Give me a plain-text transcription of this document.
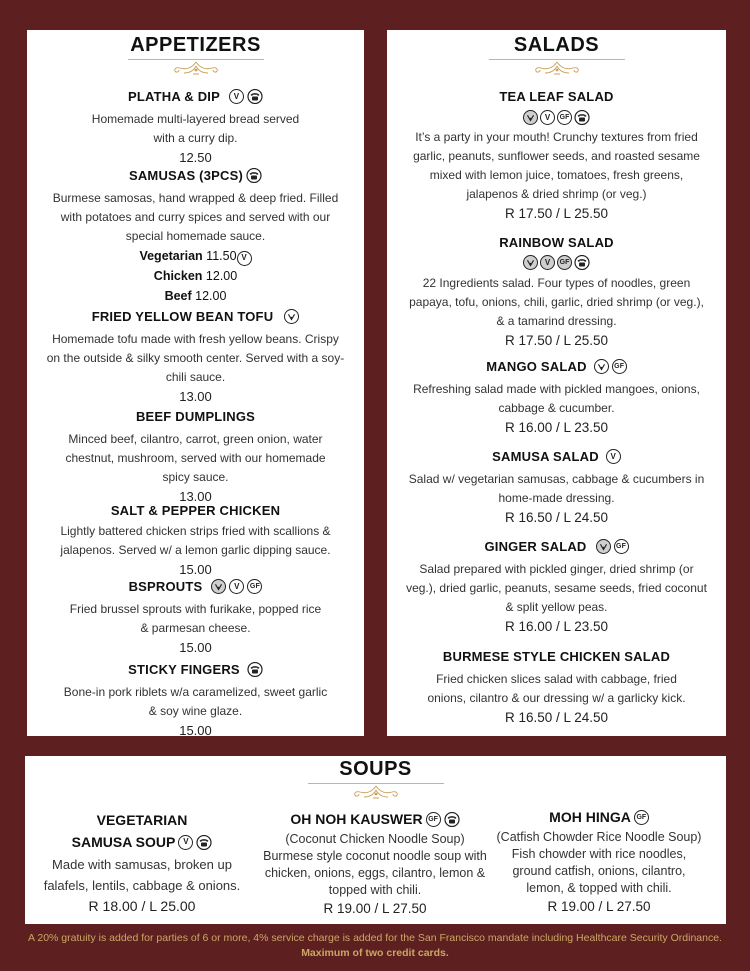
APPETIZERS
PLATHA & DIP	V
Homemade multi-layered bread served with a curry dip.
12.50
SAMUSAS (3PCS)
Burmese samosas, hand wrapped & deep fried. Filled with potatoes and curry spices and served with our special homemade sauce.
Vegetarian 11.50 V
Chicken 12.00
Beef 12.00
FRIED YELLOW BEAN TOFU
Homemade tofu made with fresh yellow beans. Crispy on the outside & silky smooth center. Served with a soy-chili sauce.
13.00
BEEF DUMPLINGS
Minced beef, cilantro, carrot, green onion, water chestnut, mushroom, served with our homemade spicy sauce.
13.00
SALT & PEPPER CHICKEN
Lightly battered chicken strips fried with scallions & jalapenos. Served w/ a lemon garlic dipping sauce.
15.00
BSPROUTS	V	GF
Fried brussel sprouts with furikake, popped rice & parmesan cheese.
15.00
STICKY FINGERS
Bone-in pork riblets w/a caramelized, sweet garlic & soy wine glaze.
15.00
SALADS
TEA LEAF SALAD
V	GF
It’s a party in your mouth! Crunchy textures from fried garlic, peanuts, sunflower seeds, and roasted sesame mixed with lemon juice, tomatoes, fresh greens, jalapenos & dried shrimp (or veg.)
R 17.50 / L 25.50
RAINBOW SALAD
V	GF
22 Ingredients salad. Four types of noodles, green papaya, tofu, onions, chili, garlic, dried shrimp (or veg.), & a tamarind dressing.
R 17.50 / L 25.50
MANGO SALAD	GF
Refreshing salad made with pickled mangoes, onions, cabbage & cucumber.
R 16.00 / L 23.50
SAMUSA SALAD	V
Salad w/ vegetarian samusas, cabbage & cucumbers in home-made dressing.
R 16.50 / L 24.50
GINGER SALAD	GF
Salad prepared with pickled ginger, dried shrimp (or veg.), dried garlic, peanuts, sesame seeds, fried coconut & split yellow peas.
R 16.00 / L 23.50
BURMESE STYLE CHICKEN SALAD
Fried chicken slices salad with cabbage, fried onions, cilantro & our dressing w/ a garlicky kick.
R 16.50 / L 24.50
SOUPS
VEGETARIAN
SAMUSA SOUP V
Made with samusas, broken up falafels, lentils, cabbage & onions.
R 18.00 / L 25.00
OH NOH KAUSWER GF
(Coconut Chicken Noodle Soup)
Burmese style coconut noodle soup with chicken, onions, eggs, cilantro, lemon & topped with chili.
R 19.00 / L 27.50
MOH HINGA GF
(Catfish Chowder Rice Noodle Soup)
Fish chowder with rice noodles, ground catfish, onions, cilantro, lemon, & topped with chili.
R 19.00 / L 27.50
A 20% gratuity is added for parties of 6 or more, 4% service charge is added for the San Francisco mandate including Healthcare Security Ordinance. Maximum of two credit cards.
